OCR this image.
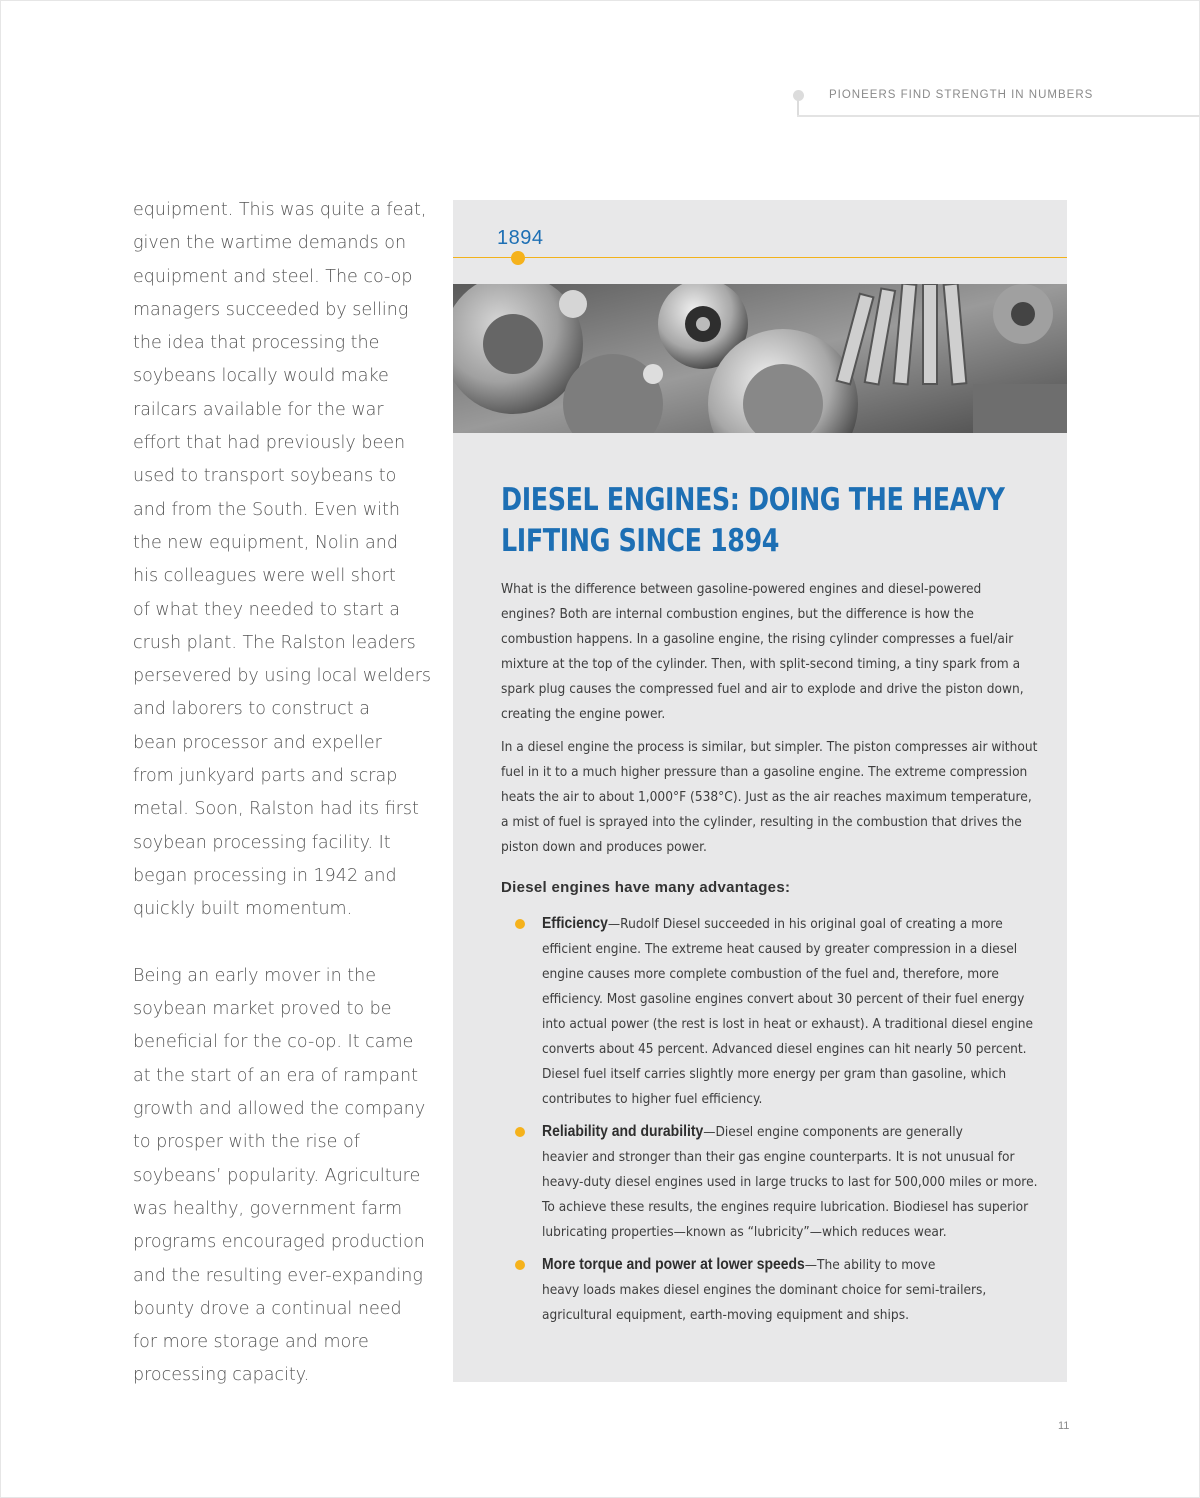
PIONEERS FIND STRENGTH IN NUMBERS
equipment. This was quite a feat,
given the wartime demands on
equipment and steel. The co-op
managers succeeded by selling
the idea that processing the
soybeans locally would make
railcars available for the war
effort that had previously been
used to transport soybeans to
and from the South. Even with
the new equipment, Nolin and
his colleagues were well short
of what they needed to start a
crush plant. The Ralston leaders
persevered by using local welders
and laborers to construct a
bean processor and expeller
from junkyard parts and scrap
metal. Soon, Ralston had its first
soybean processing facility. It
began processing in 1942 and
quickly built momentum.
Being an early mover in the
soybean market proved to be
beneficial for the co-op. It came
at the start of an era of rampant
growth and allowed the company
to prosper with the rise of
soybeans’ popularity. Agriculture
was healthy, government farm
programs encouraged production
and the resulting ever-expanding
bounty drove a continual need
for more storage and more
processing capacity.
1894
DIESEL ENGINES: DOING THE HEAVY
LIFTING SINCE 1894
What is the difference between gasoline-powered engines and diesel-powered
engines? Both are internal combustion engines, but the difference is how the
combustion happens. In a gasoline engine, the rising cylinder compresses a fuel/air
mixture at the top of the cylinder. Then, with split-second timing, a tiny spark from a
spark plug causes the compressed fuel and air to explode and drive the piston down,
creating the engine power.
In a diesel engine the process is similar, but simpler. The piston compresses air without
fuel in it to a much higher pressure than a gasoline engine. The extreme compression
heats the air to about 1,000°F (538°C). Just as the air reaches maximum temperature,
a mist of fuel is sprayed into the cylinder, resulting in the combustion that drives the
piston down and produces power.
Diesel engines have many advantages:
Efficiency—Rudolf Diesel succeeded in his original goal of creating a more
efficient engine. The extreme heat caused by greater compression in a diesel
engine causes more complete combustion of the fuel and, therefore, more
efficiency. Most gasoline engines convert about 30 percent of their fuel energy
into actual power (the rest is lost in heat or exhaust). A traditional diesel engine
converts about 45 percent. Advanced diesel engines can hit nearly 50 percent.
Diesel fuel itself carries slightly more energy per gram than gasoline, which
contributes to higher fuel efficiency.
Reliability and durability—Diesel engine components are generally
heavier and stronger than their gas engine counterparts. It is not unusual for
heavy-duty diesel engines used in large trucks to last for 500,000 miles or more.
To achieve these results, the engines require lubrication. Biodiesel has superior
lubricating properties—known as “lubricity”—which reduces wear.
More torque and power at lower speeds—The ability to move
heavy loads makes diesel engines the dominant choice for semi-trailers,
agricultural equipment, earth-moving equipment and ships.
11
